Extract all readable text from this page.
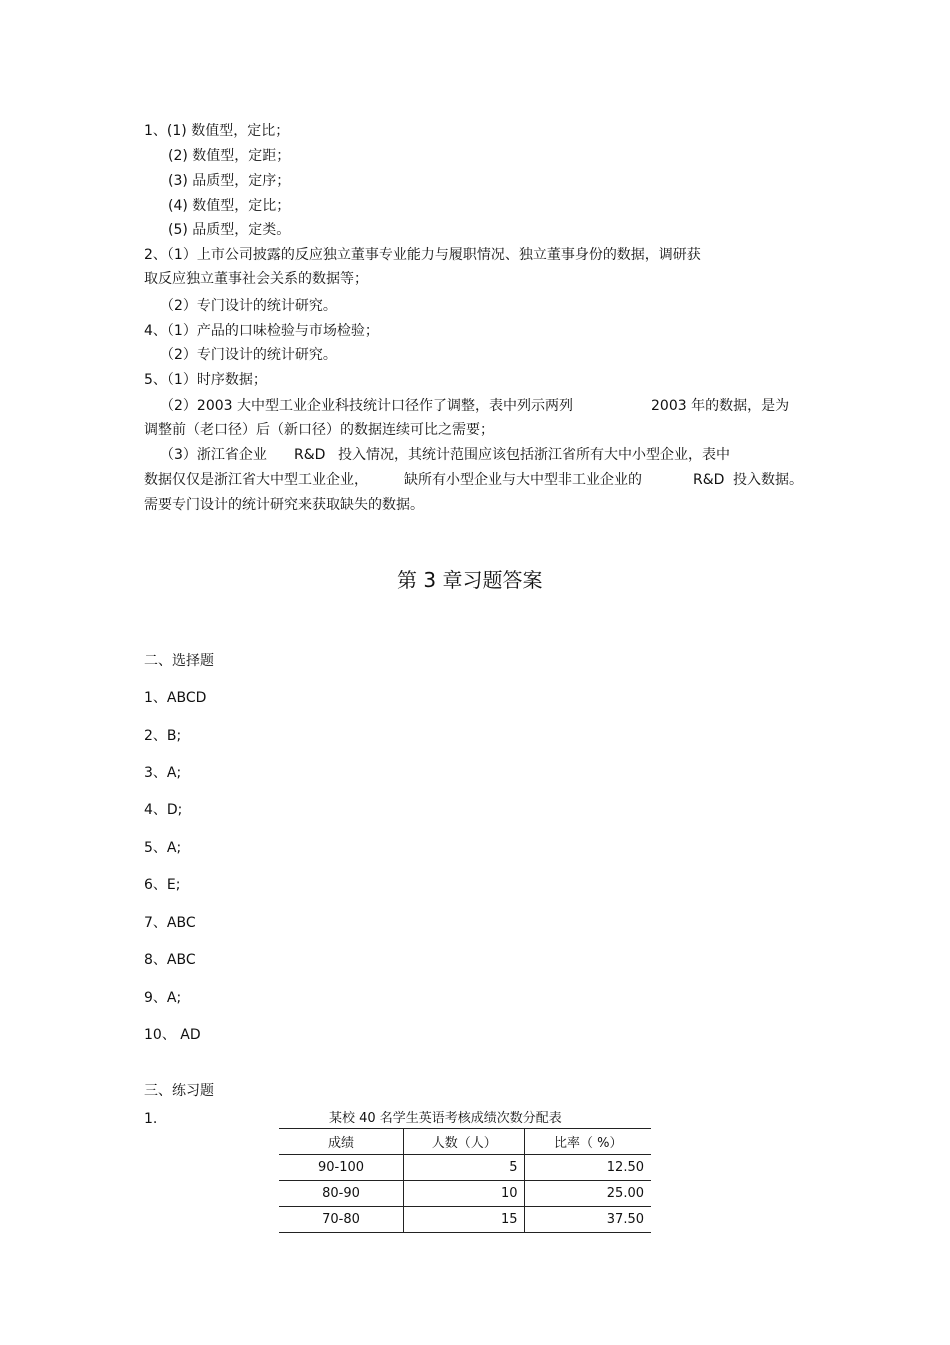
1、(1) 数值型，定比；
(2) 数值型，定距；
(3) 品质型，定序；
(4) 数值型，定比；
(5) 品质型，定类。
2、（1）上市公司披露的反应独立董事专业能力与履职情况、独立董事身份的数据，调研获
取反应独立董事社会关系的数据等；
（2）专门设计的统计研究。
4、（1）产品的口味检验与市场检验；
（2）专门设计的统计研究。
5、（1）时序数据；
（2）2003 大中型工业企业科技统计口径作了调整，表中列示两列	2003 年的数据，是为
调整前（老口径）后（新口径）的数据连续可比之需要；
（3）浙江省企业 R&D 投入情况，其统计范围应该包括浙江省所有大中小型企业，表中
数据仅仅是浙江省大中型工业企业，	缺所有小型企业与大中型非工业企业的	R&D 投入数据。
需要专门设计的统计研究来获取缺失的数据。
第 3 章习题答案
二、选择题
1、ABCD
2、B;
3、A;
4、D;
5、A;
6、E;
7、ABC
8、ABC
9、A;
10、 AD
三、练习题
1.	某校 40 名学生英语考核成绩次数分配表
成绩	人数（人）	比率（ %）
90-100	5	12.50
80-90	10	25.00
70-80	15	37.50
